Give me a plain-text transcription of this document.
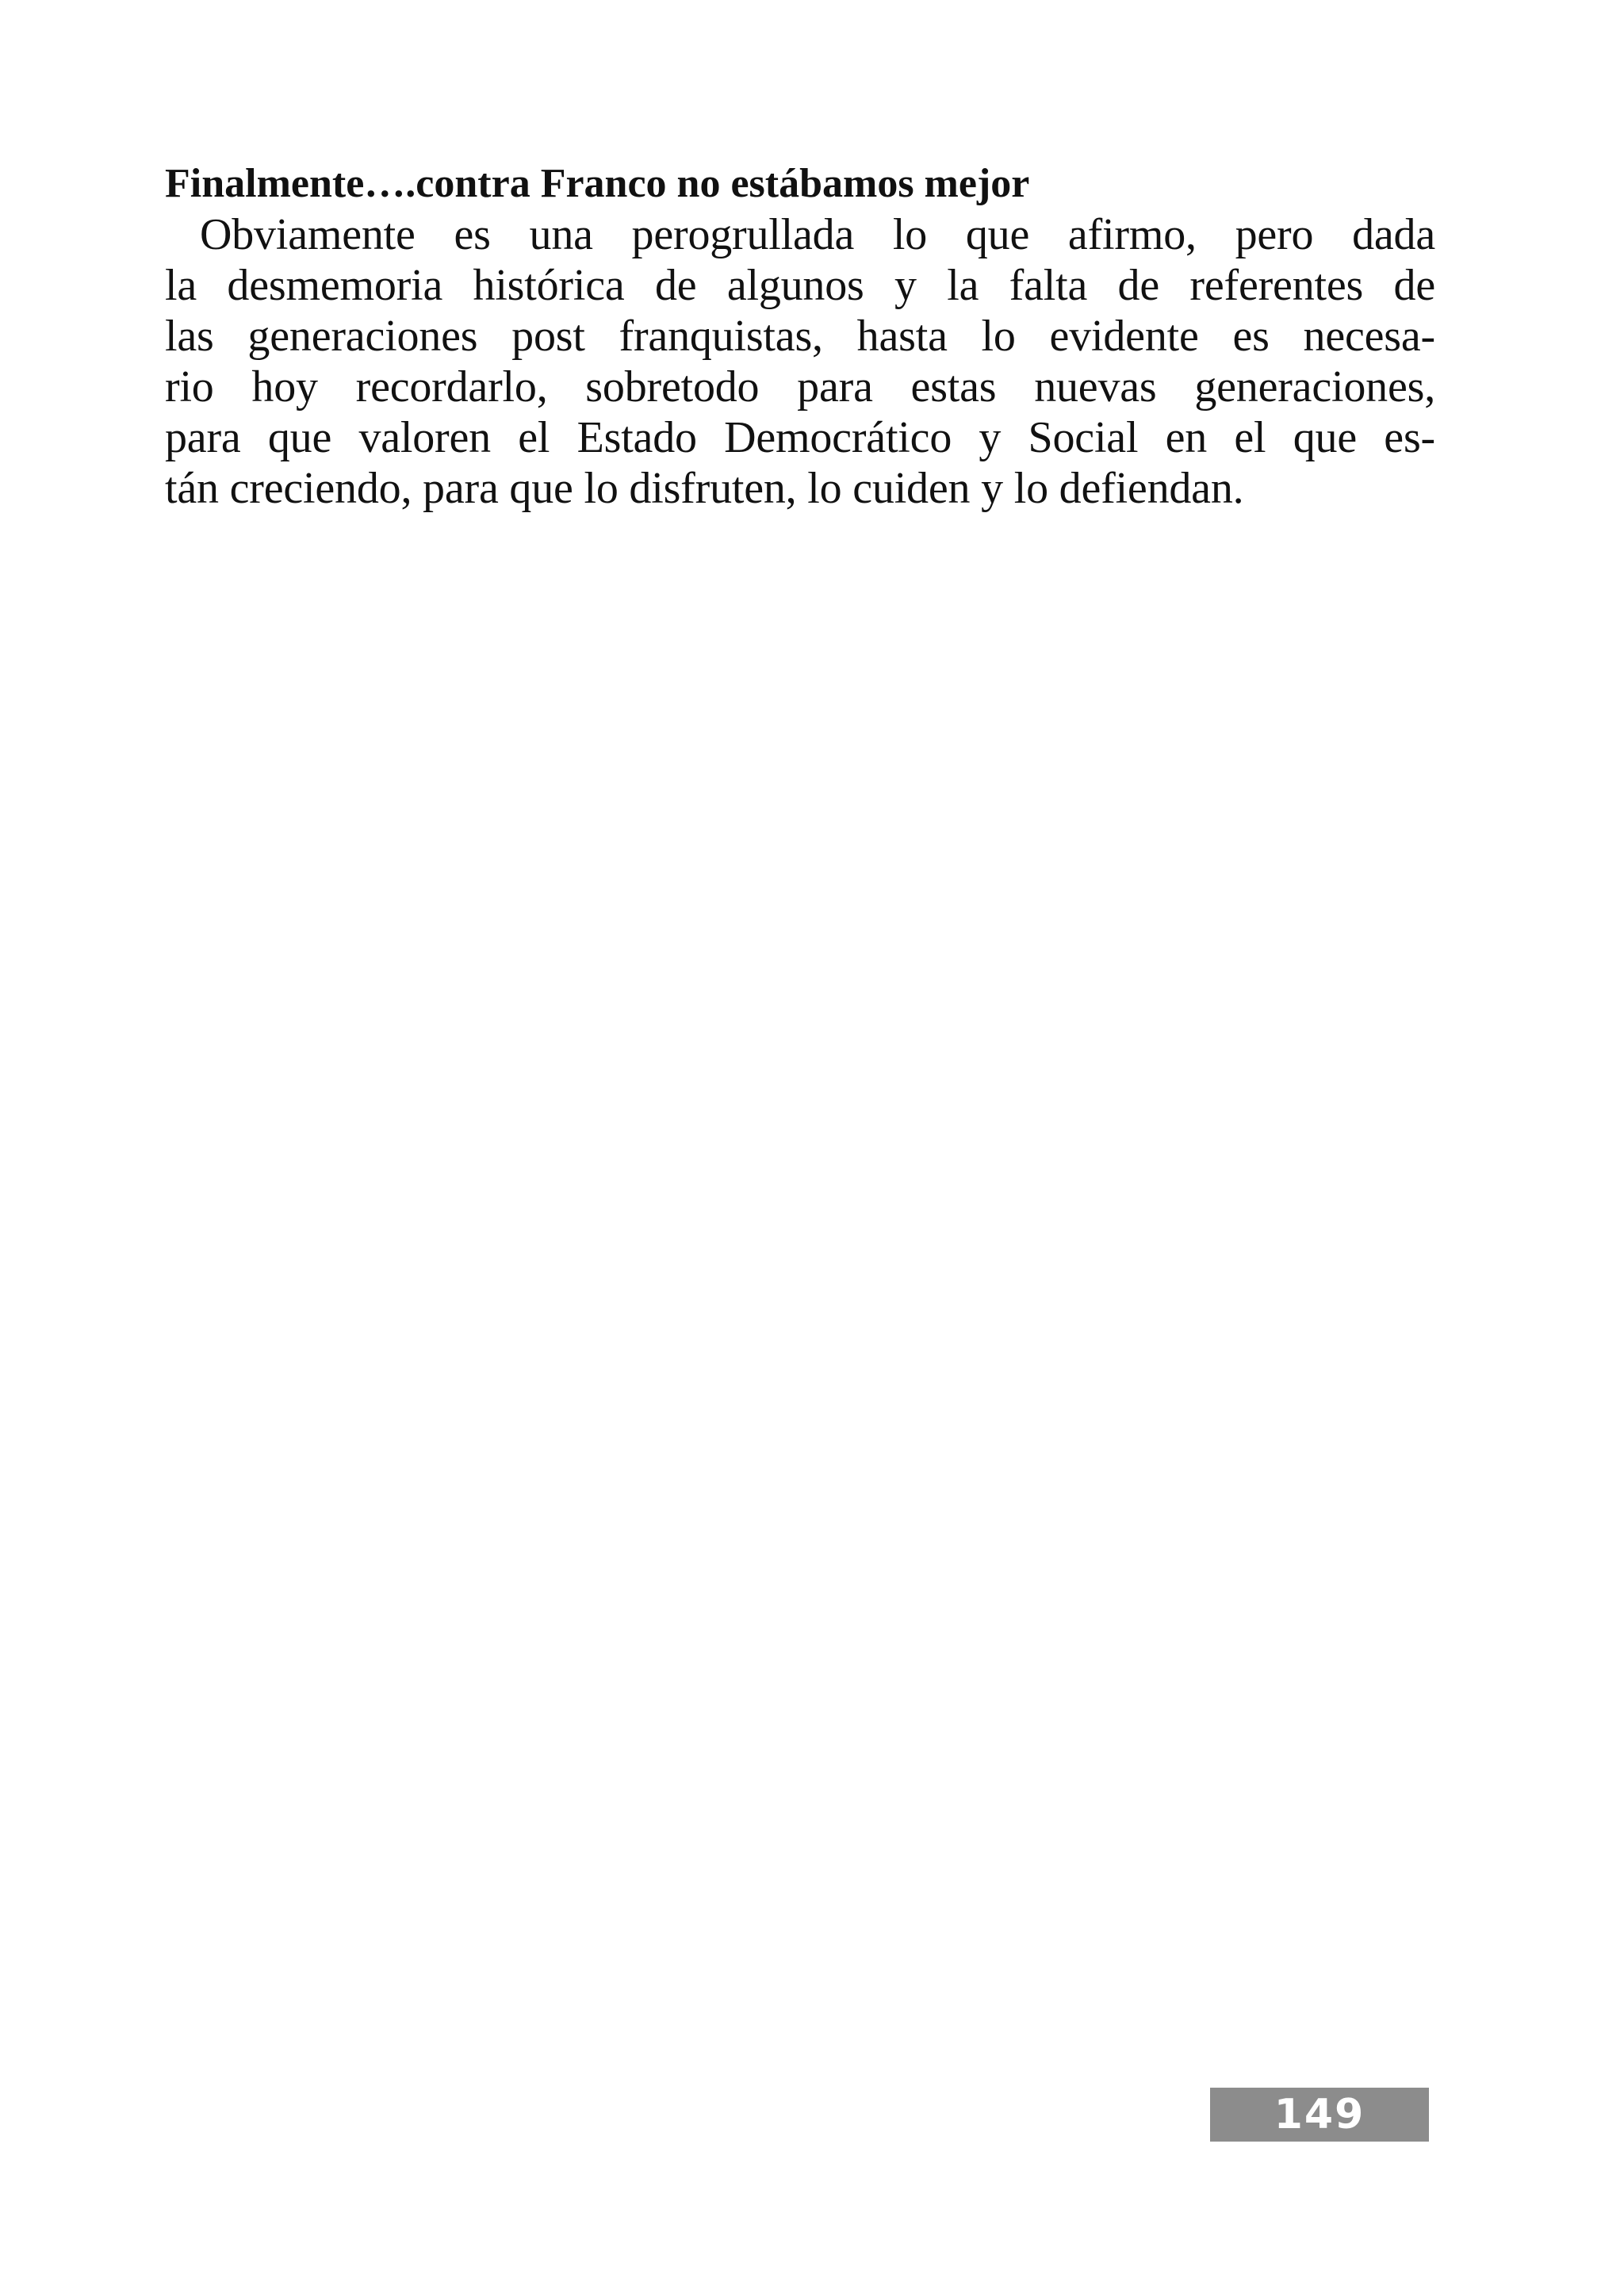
Finalmente….contra Franco no estábamos mejor

Obviamente es una perogrullada lo que afirmo, pero dada
la desmemoria histórica de algunos y la falta de referentes de
las generaciones post franquistas, hasta lo evidente es necesa-
rio hoy recordarlo, sobretodo para estas nuevas generaciones,
para que valoren el Estado Democrático y Social en el que es-
tán creciendo, para que lo disfruten, lo cuiden y lo defiendan.
149
